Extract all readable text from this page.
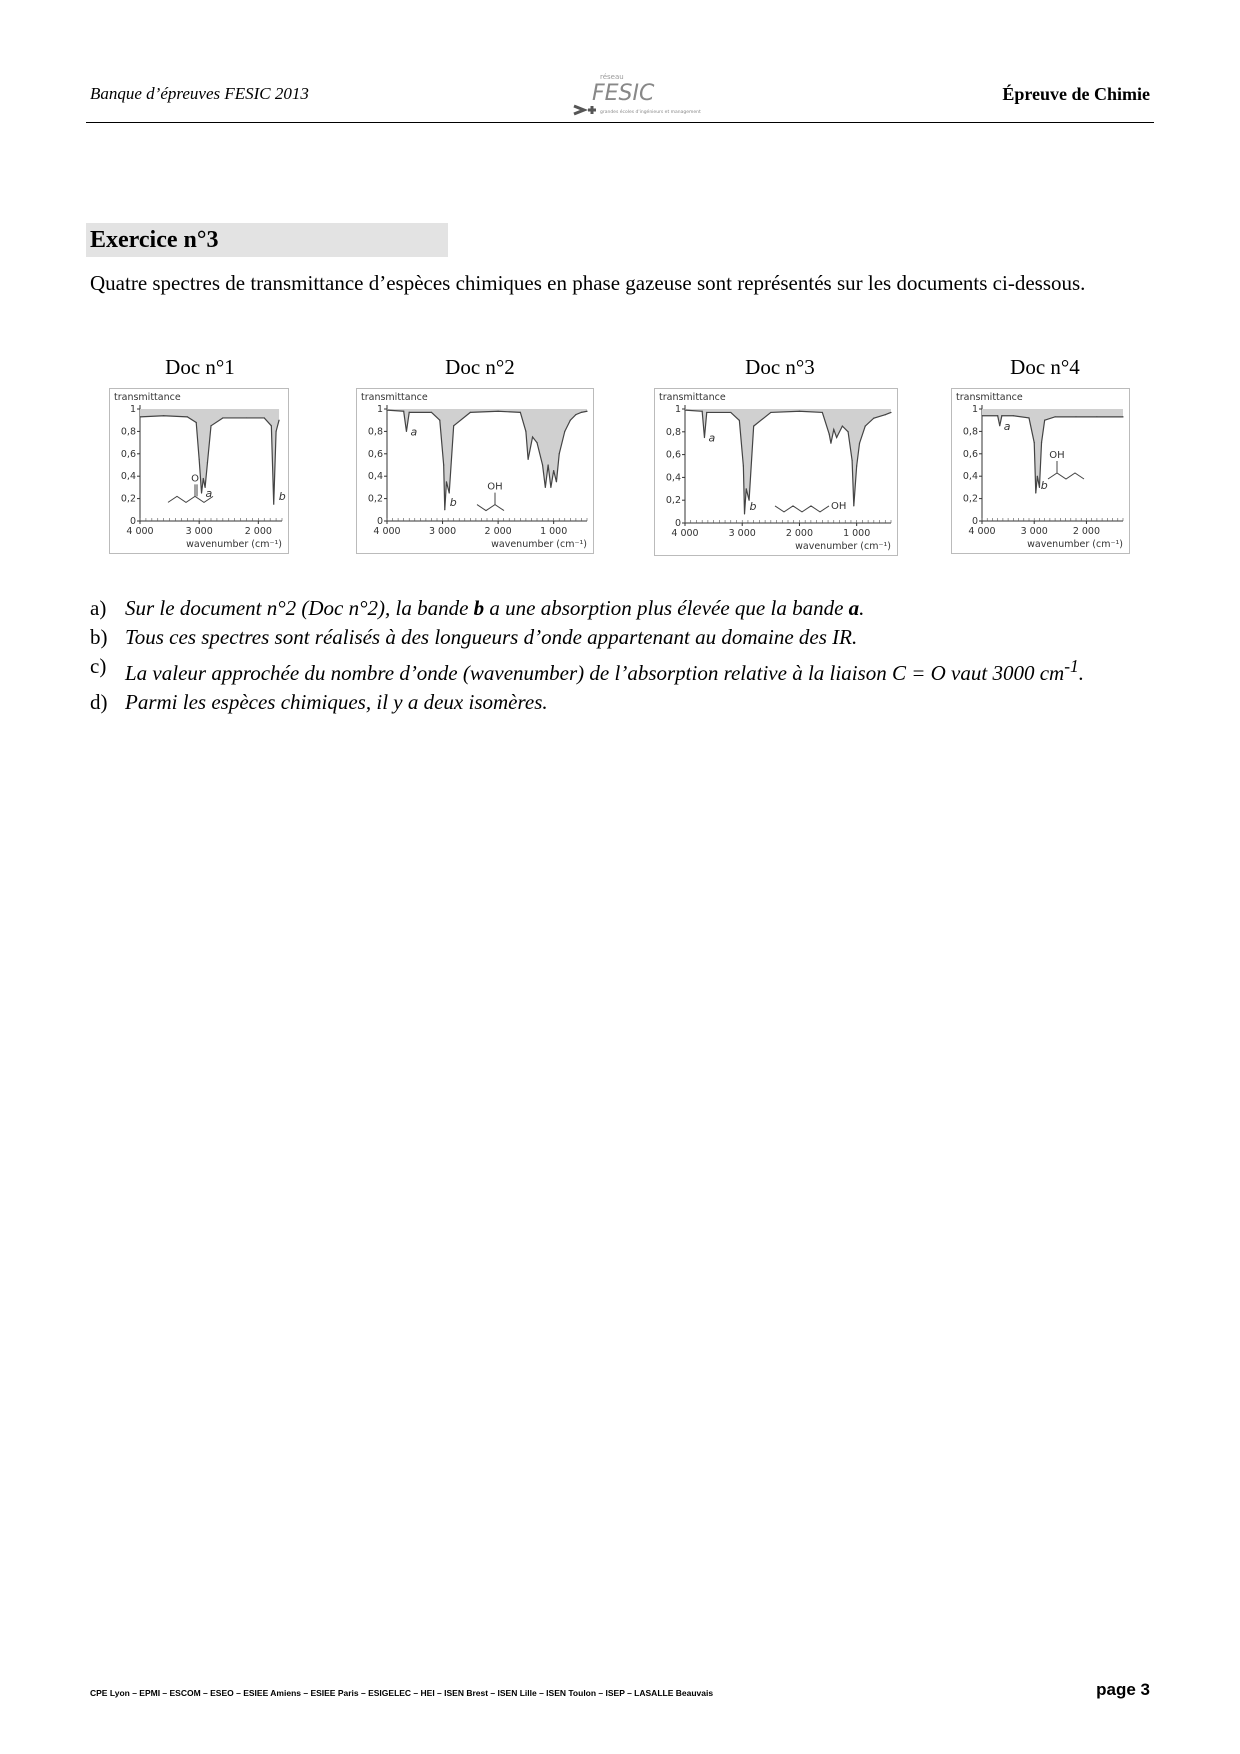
Banque d’épreuves FESIC 2013
réseau
FESIC
grandes écoles d'ingénieurs et management
Épreuve de Chimie
Exercice n°3
Quatre spectres de transmittance d’espèces chimiques en phase gazeuse sont représentés sur les documents ci-dessous.
Doc n°1	Doc n°2	Doc n°3	Doc n°4
transmittance
1
0,8
0,6
0,4
0,2
0
4 000	3 000	2 000
wavenumber (cm⁻¹)
a	b
O
transmittance
1
0,8
0,6
0,4
0,2
0
4 000	3 000	2 000	1 000
wavenumber (cm⁻¹)
a
b
OH
transmittance
1
0,8
0,6
0,4
0,2
0
4 000	3 000	2 000	1 000
wavenumber (cm⁻¹)
a
b	OH
transmittance
1
0,8
0,6
0,4
0,2
0
4 000	3 000	2 000
wavenumber (cm⁻¹)
a
b
OH
a) Sur le document n°2 (Doc n°2), la bande b a une absorption plus élevée que la bande a.
b) Tous ces spectres sont réalisés à des longueurs d’onde appartenant au domaine des IR.
c) La valeur approchée du nombre d’onde (wavenumber) de l’absorption relative à la liaison C = O vaut 3000 $cm^{-1}$.
d) Parmi les espèces chimiques, il y a deux isomères.
CPE Lyon – EPMI – ESCOM – ESEO – ESIEE Amiens – ESIEE Paris – ESIGELEC – HEI – ISEN Brest – ISEN Lille – ISEN Toulon – ISEP – LASALLE Beauvais	page 3
